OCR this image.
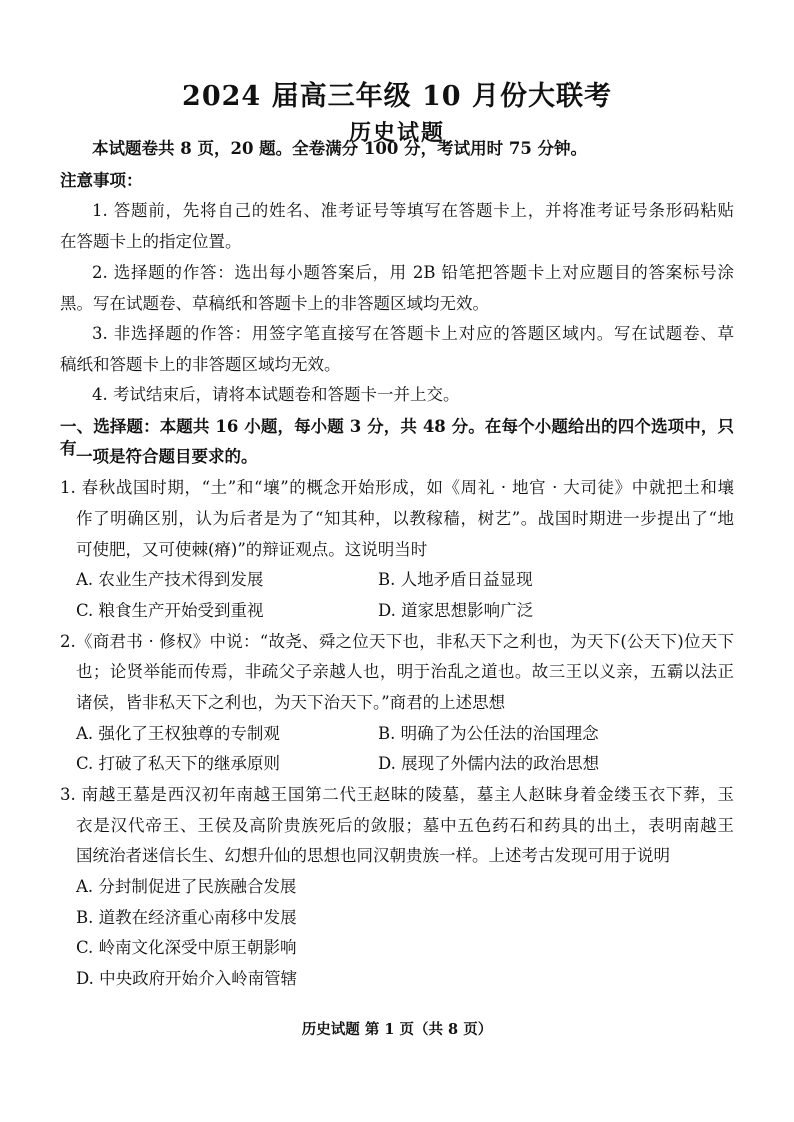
2024 届高三年级 10 月份大联考
历史试题
本试题卷共 8 页，20 题。全卷满分 100 分，考试用时 75 分钟。
注意事项：
1. 答题前，先将自己的姓名、准考证号等填写在答题卡上，并将准考证号条形码粘贴
在答题卡上的指定位置。
2. 选择题的作答：选出每小题答案后，用 2B 铅笔把答题卡上对应题目的答案标号涂
黑。写在试题卷、草稿纸和答题卡上的非答题区域均无效。
3. 非选择题的作答：用签字笔直接写在答题卡上对应的答题区域内。写在试题卷、草
稿纸和答题卡上的非答题区域均无效。
4. 考试结束后，请将本试题卷和答题卡一并上交。
一、选择题：本题共 16 小题，每小题 3 分，共 48 分。在每个小题给出的四个选项中，只有 一项是符合题目要求的。
1. 春秋战国时期，“土”和“壤”的概念开始形成，如《周礼 · 地官 · 大司徒》中就把土和壤
作了明确区别，认为后者是为了“知其种，以教稼穑，树艺”。战国时期进一步提出了“地
可使肥，又可使棘(瘠)”的辩证观点。这说明当时
A. 农业生产技术得到发展	B. 人地矛盾日益显现
C. 粮食生产开始受到重视	D. 道家思想影响广泛
2.《商君书 · 修权》中说：“故尧、舜之位天下也，非私天下之利也，为天下(公天下)位天下
也；论贤举能而传焉，非疏父子亲越人也，明于治乱之道也。故三王以义亲，五霸以法正
诸侯，皆非私天下之利也，为天下治天下。”商君的上述思想
A. 强化了王权独尊的专制观	B. 明确了为公任法的治国理念
C. 打破了私天下的继承原则	D. 展现了外儒内法的政治思想
3. 南越王墓是西汉初年南越王国第二代王赵眜的陵墓，墓主人赵眜身着金缕玉衣下葬，玉
衣是汉代帝王、王侯及高阶贵族死后的敛服；墓中五色药石和药具的出土，表明南越王
国统治者迷信长生、幻想升仙的思想也同汉朝贵族一样。上述考古发现可用于说明
A. 分封制促进了民族融合发展
B. 道教在经济重心南移中发展
C. 岭南文化深受中原王朝影响
D. 中央政府开始介入岭南管辖
历史试题 第 1 页（共 8 页）
